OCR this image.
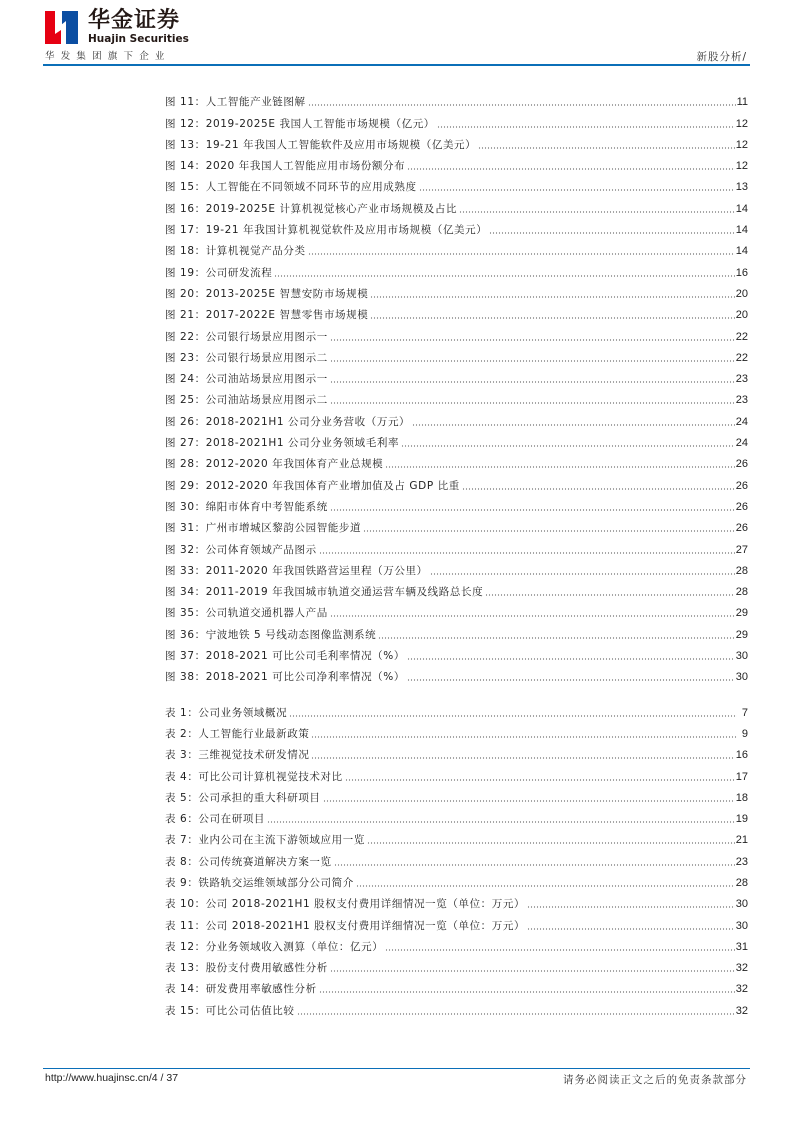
华金证券
Huajin Securities
华发集团旗下企业	新股分析/
图 11：人工智能产业链图解	11
图 12：2019-2025E 我国人工智能市场规模（亿元）	12
图 13：19-21 年我国人工智能软件及应用市场规模（亿美元）	12
图 14：2020 年我国人工智能应用市场份额分布	12
图 15：人工智能在不同领域不同环节的应用成熟度	13
图 16：2019-2025E 计算机视觉核心产业市场规模及占比	14
图 17：19-21 年我国计算机视觉软件及应用市场规模（亿美元）	14
图 18：计算机视觉产品分类	14
图 19：公司研发流程	16
图 20：2013-2025E 智慧安防市场规模	20
图 21：2017-2022E 智慧零售市场规模	20
图 22：公司银行场景应用图示一	22
图 23：公司银行场景应用图示二	22
图 24：公司油站场景应用图示一	23
图 25：公司油站场景应用图示二	23
图 26：2018-2021H1 公司分业务营收（万元）	24
图 27：2018-2021H1 公司分业务领域毛利率	24
图 28：2012-2020 年我国体育产业总规模	26
图 29：2012-2020 年我国体育产业增加值及占 GDP 比重	26
图 30：绵阳市体育中考智能系统	26
图 31：广州市增城区黎韵公园智能步道	26
图 32：公司体育领域产品图示	27
图 33：2011-2020 年我国铁路营运里程（万公里）	28
图 34：2011-2019 年我国城市轨道交通运营车辆及线路总长度	28
图 35：公司轨道交通机器人产品	29
图 36：宁波地铁 5 号线动态图像监测系统	29
图 37：2018-2021 可比公司毛利率情况（%）	30
图 38：2018-2021 可比公司净利率情况（%）	30
表 1：公司业务领域概况	7
表 2：人工智能行业最新政策	9
表 3：三维视觉技术研发情况	16
表 4：可比公司计算机视觉技术对比	17
表 5：公司承担的重大科研项目	18
表 6：公司在研项目	19
表 7：业内公司在主流下游领域应用一览	21
表 8：公司传统赛道解决方案一览	23
表 9：铁路轨交运维领域部分公司简介	28
表 10：公司 2018-2021H1 股权支付费用详细情况一览（单位：万元）	30
表 11：公司 2018-2021H1 股权支付费用详细情况一览（单位：万元）	30
表 12：分业务领域收入测算（单位：亿元）	31
表 13：股份支付费用敏感性分析	32
表 14：研发费用率敏感性分析	32
表 15：可比公司估值比较	32
http://www.huajinsc.cn/4 / 37	请务必阅读正文之后的免责条款部分
